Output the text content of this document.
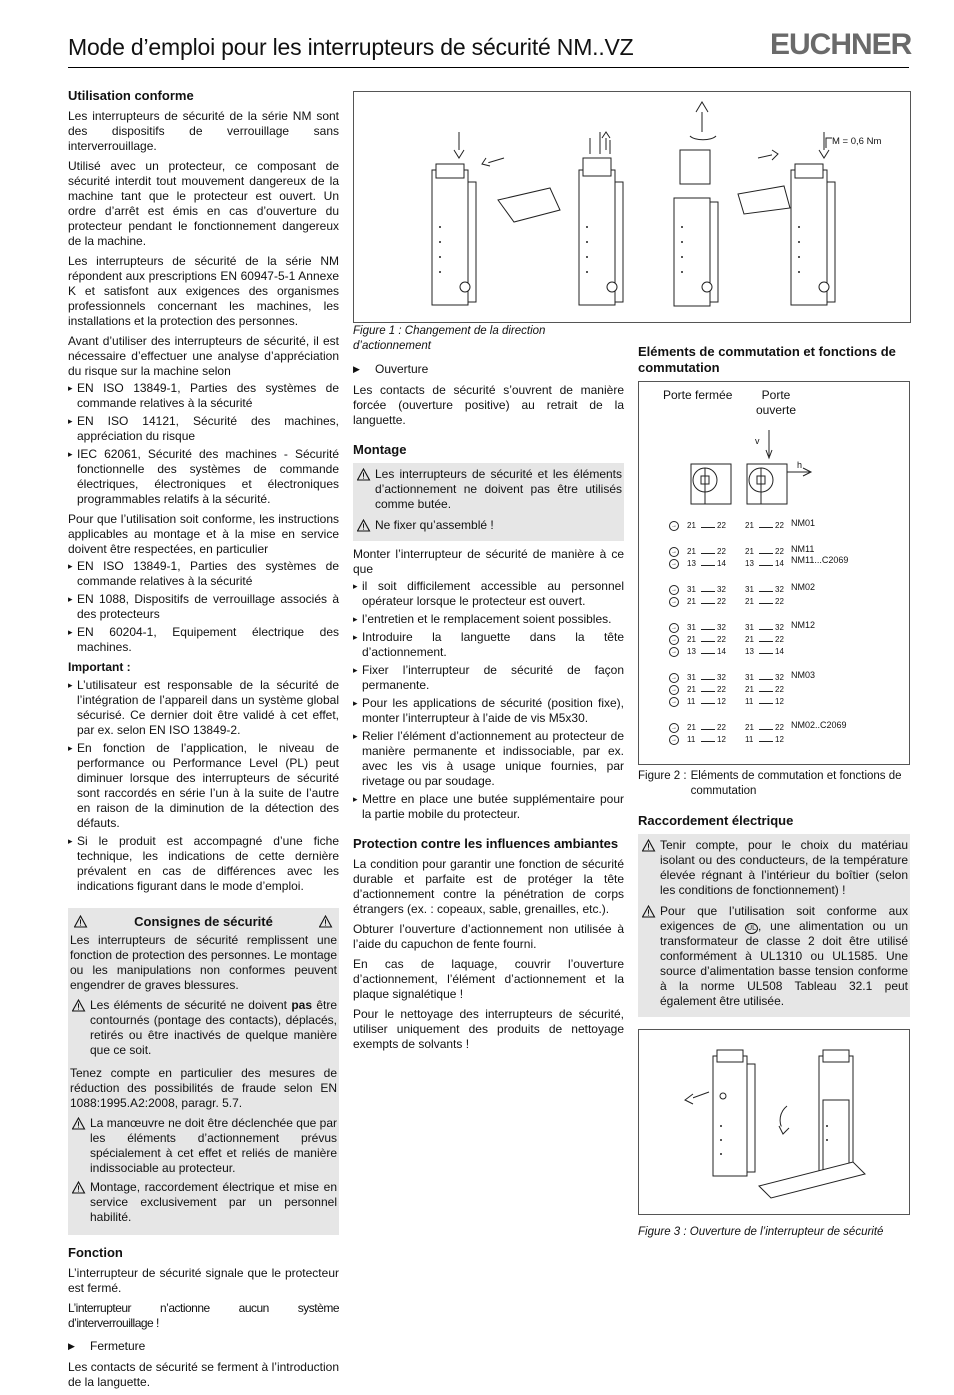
Mode d’emploi pour les interrupteurs de sécurité NM..VZ	EUCHNER
Utilisation conforme

Les interrupteurs de sécurité de la série NM sont des dispositifs de verrouillage sans interverrouillage.

Utilisé avec un protecteur, ce composant de sécurité interdit tout mouvement dangereux de la machine tant que le protecteur est ouvert. Un ordre d’arrêt est émis en cas d’ouverture du protecteur pendant le fonctionnement dangereux de la machine.

Les interrupteurs de sécurité de la série NM répondent aux prescriptions EN 60947-5-1 Annexe K et satisfont aux exigences des organismes professionnels concernant les machines, les installations et la protection des personnes.

Avant d’utiliser des interrupteurs de sécurité, il est nécessaire d’effectuer une analyse d’appréciation du risque sur la machine selon

▸ EN ISO 13849-1, Parties des systèmes de commande relatives à la sécurité
▸ EN ISO 14121, Sécurité des machines, appréciation du risque
▸ IEC 62061, Sécurité des machines - Sécurité fonctionnelle des systèmes de commande électriques, électroniques et électroniques programmables relatifs à la sécurité.

Pour que l’utilisation soit conforme, les instructions applicables au montage et à la mise en service doivent être respectées, en particulier

▸ EN ISO 13849-1, Parties des systèmes de commande relatives à la sécurité
▸ EN 1088, Dispositifs de verrouillage associés à des protecteurs
▸ EN 60204-1, Equipement électrique des machines.
Important :
▸ L’utilisateur est responsable de la sécurité de l’intégration de l’appareil dans un système global sécurisé. Ce dernier doit être validé à cet effet, par ex. selon EN ISO 13849-2.
▸ En fonction de l’application, le niveau de performance ou Performance Level (PL) peut diminuer lorsque des interrupteurs de sécurité sont raccordés en série l’un à la suite de l’autre en raison de la diminution de la détection des défauts.
▸ Si le produit est accompagné d’une fiche technique, les indications de cette dernière prévalent en cas de différences avec les indications figurant dans le mode d’emploi.
Consignes de sécurité

Les interrupteurs de sécurité remplissent une fonction de protection des personnes. Le montage ou les manipulations non conformes peuvent engendrer de graves blessures.

Les éléments de sécurité ne doivent pas être contournés (pontage des contacts), déplacés, retirés ou être inactivés de quelque manière que ce soit.

Tenez compte en particulier des mesures de réduction des possibilités de fraude selon EN 1088:1995.A2:2008, paragr. 5.7.

La manœuvre ne doit être déclenchée que par les éléments d’actionnement prévus spécialement à cet effet et reliés de manière indissociable au protecteur.
Montage, raccordement électrique et mise en service exclusivement par un personnel habilité.
Fonction

L’interrupteur de sécurité signale que le protecteur est fermé.

L’interrupteur n’actionne aucun système d’interverrouillage !

▶ Fermeture

Les contacts de sécurité se ferment à l’introduction de la languette.

M = 0,6 Nm
Figure 1 : Changement de la direction d’actionnement
▶ Ouverture

Les contacts de sécurité s’ouvrent de manière forcée (ouverture positive) au retrait de la languette.

Montage
Les interrupteurs de sécurité et les éléments d’actionnement ne doivent pas être utilisés comme butée.
Ne fixer qu’assemblé !

Monter l’interrupteur de sécurité de manière à ce que

▸ il soit difficilement accessible au personnel opérateur lorsque le protecteur est ouvert.
▸ l’entretien et le remplacement soient possibles.
▸ Introduire la languette dans la tête d’actionnement.
▸ Fixer l’interrupteur de sécurité de façon permanente.
▸ Pour les applications de sécurité (position fixe), monter l’interrupteur à l’aide de vis M5x30.
▸ Relier l’élément d’actionnement au protecteur de manière permanente et indissociable, par ex. avec les vis à usage unique fournies, par rivetage ou par soudage.
▸ Mettre en place une butée supplémentaire pour la partie mobile du protecteur.
Protection contre les influences ambiantes

La condition pour garantir une fonction de sécurité durable et parfaite est de protéger la tête d’actionnement contre la pénétration de corps étrangers (ex. : copeaux, sable, grenailles, etc.).

Obturer l’ouverture d’actionnement non utilisée à l’aide du capuchon de fente fourni.

En cas de laquage, couvrir l’ouverture d’actionnement, l’élément d’actionnement et la plaque signalétique !

Pour le nettoyage des interrupteurs de sécurité, utiliser uniquement des produits de nettoyage exempts de solvants !

Eléments de commutation et fonctions de commutation
Porte fermée	Porte ouverte
v
h
→ 21	22 21	22 NM01
→ 21	22 21	22
→ 13	14 13	14
NM11
NM11...C2069
→ 31	32 31	32
→ 21	22 21	22
NM02
→ 31	32 31	32
→ 21	22 21	22
→ 13	14 13	14
NM12
→ 31	32 31	32
→ 21	22 21	22
→ 11	12 11	12
NM03
→ 21	22 21	22
→ 11	12 11	12
NM02..C2069
Figure 2 : Eléments de commutation et fonctions de commutation
Raccordement électrique
Tenir compte, pour le choix du matériau isolant ou des conducteurs, de la température élevée régnant à l’intérieur du boîtier (selon les conditions de fonctionnement) !
Pour que l’utilisation soit conforme aux exigences de UL , une alimentation ou un transformateur de classe 2 doit être utilisé conformément à UL1310 ou UL1585. Une source d’alimentation basse tension conforme à la norme UL508 Tableau 32.1 peut également être utilisée.
Figure 3 : Ouverture de l’interrupteur de sécurité
